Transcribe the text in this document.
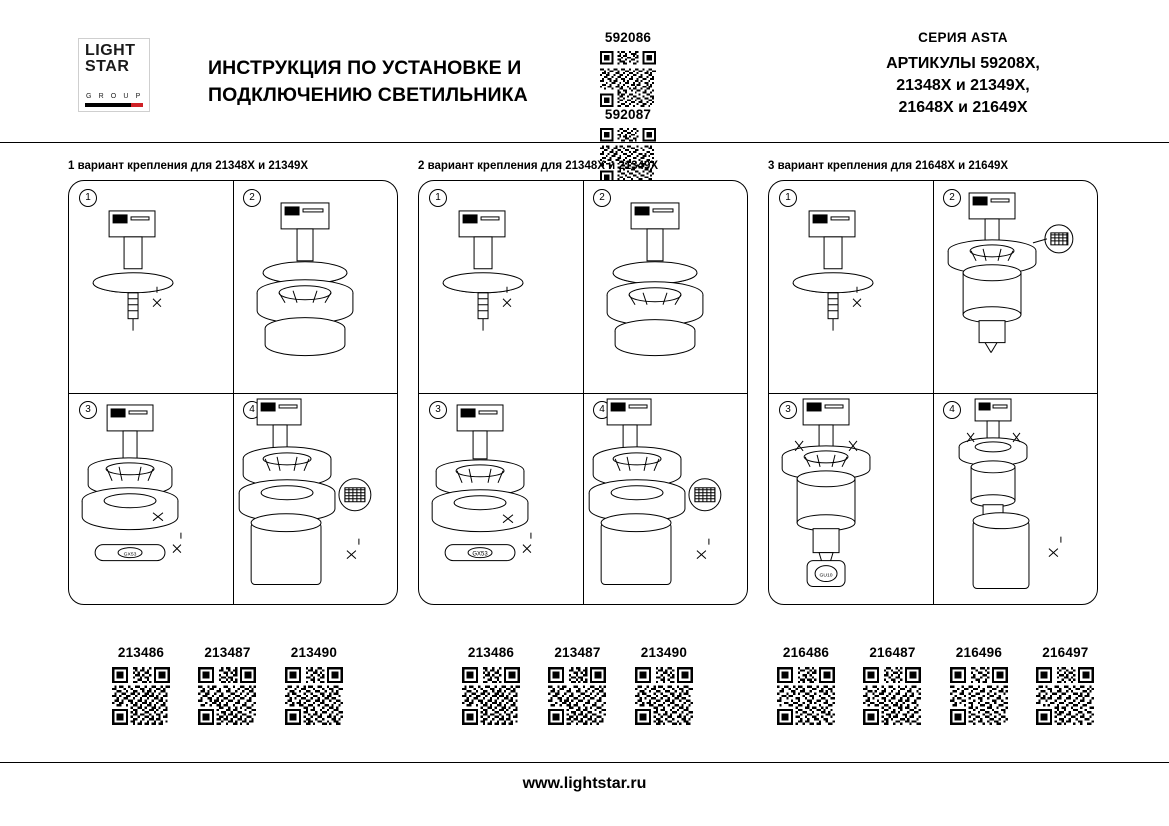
LIGHT
STAR
G R O U P
ИНСТРУКЦИЯ ПО УСТАНОВКЕ И
ПОДКЛЮЧЕНИЮ СВЕТИЛЬНИКА
592086

592087
СЕРИЯ ASTA
АРТИКУЛЫ 59208X,
21348X и 21349X,
21648X и 21649X
1 вариант крепления для 21348X и 21349X
1	2
3
GX53
4
2 вариант крепления для 21348X и 21349X
1	2
3
GX53
4
3 вариант крепления для 21648X и 21649X
1	2
3
GU10
4
213486
	213487
	213490	213486
	213487
	213490	216486
	216487
	216496
	216497
www.lightstar.ru
